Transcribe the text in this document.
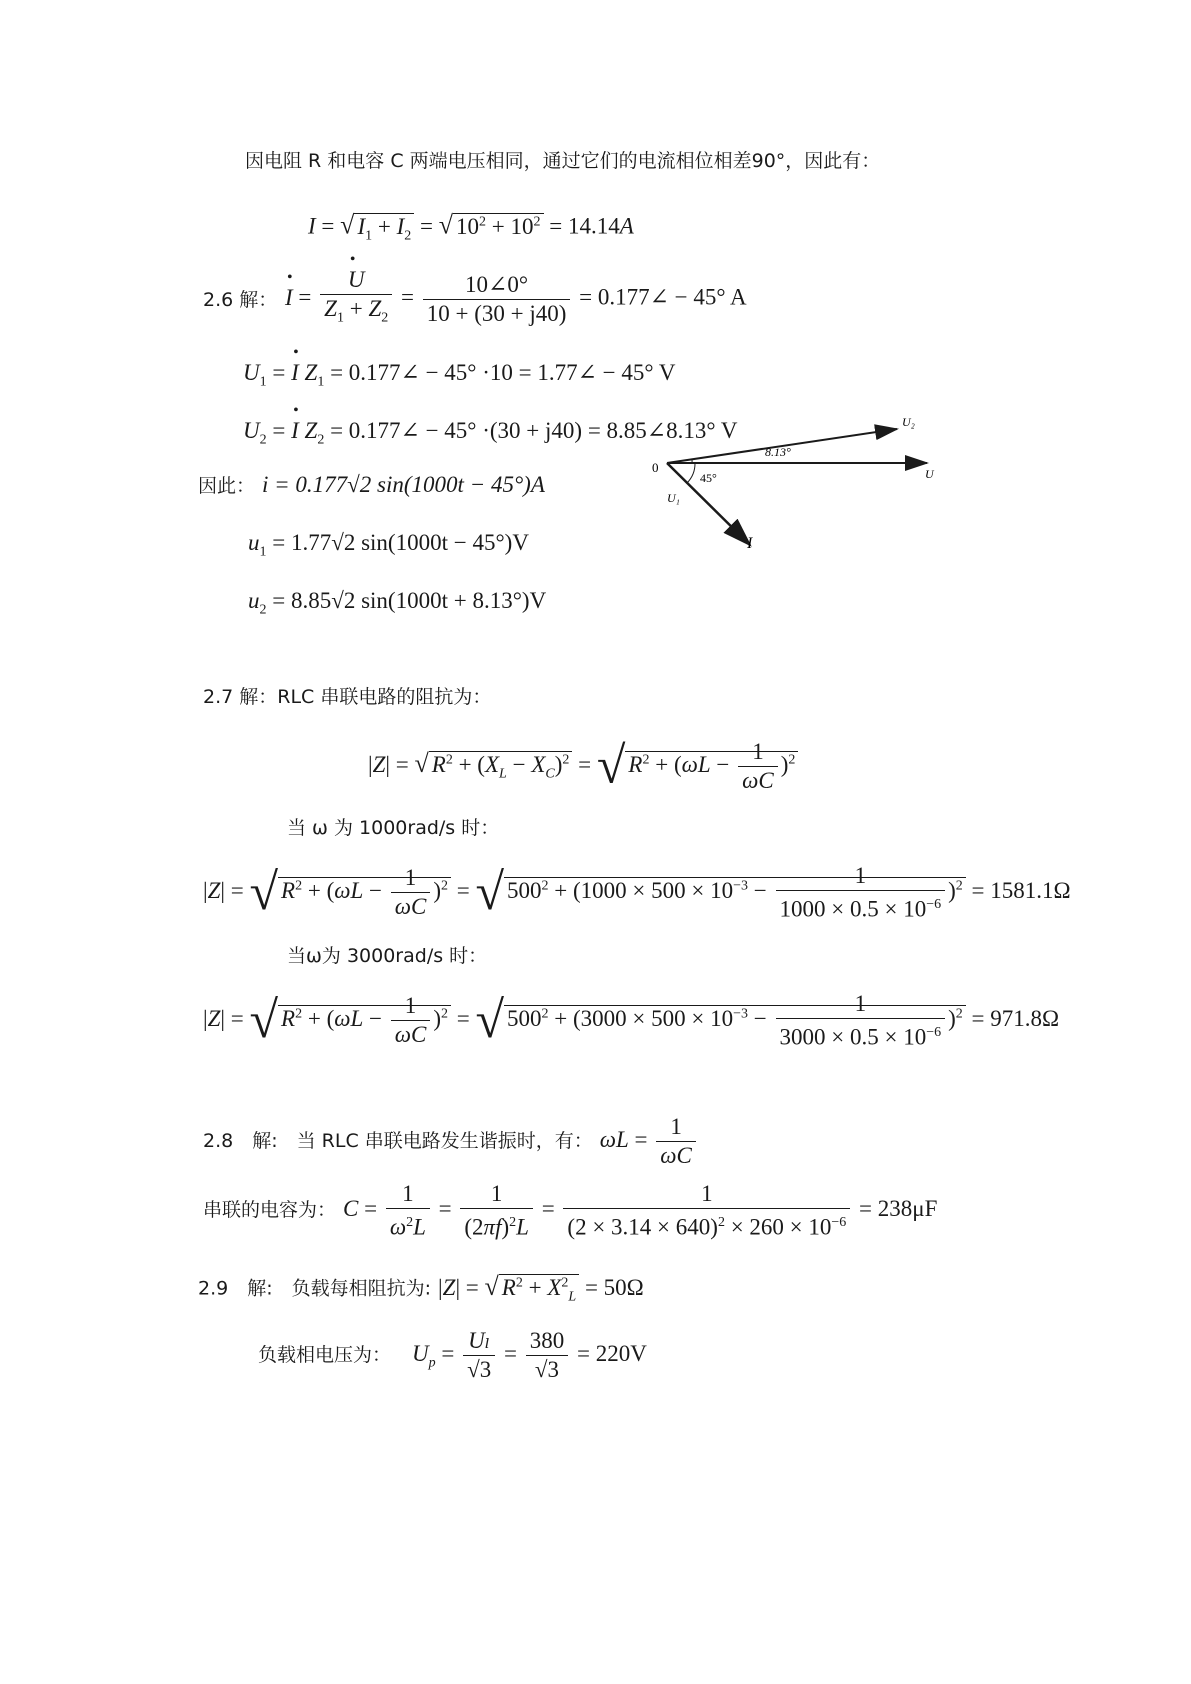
因电阻 R 和电容 C 两端电压相同，通过它们的电流相位相差90°，因此有：
I = √ $I_1 + I_2$ = √ $10^2 + 10^2 = 14.14A$
2.6 解： • I = • $\frac{U}{Z_1 + Z_2} = \frac{10\angle 0^\circ}{10 + (30 + j40)}$ = 0.177∠ − 45° A
$U_1$ = • I $Z_1$ = 0.177∠ − 45° ·10 = 1.77∠ − 45° V
$U_2$ = • I $Z_2$ = 0.177∠ − 45° ·(30 + j40) = 8.85∠8.13° V
因此： i = 0.177√2 sin(1000t − 45°)A
$u_1 = 1.77√2$ sin(1000t − 45°)V
$u_2 = 8.85√2$ sin(1000t + 8.13°)V
0
8.13°
45°
U₂
U
U₁
I
2.7 解：RLC 串联电路的阻抗为：
|Z| = √ $R^2 + (X_L - X_C)^2$ = √ $R^2 + (\omega L - \frac{1}{\omega C} )^2$
当 ω 为 1000rad/s 时：
|Z| = √ $R^2 + (\omega L - \frac{1}{\omega C} )^2$ = √ $500^2 + (1000 \times 500 \times 10^{-3} - \frac{1}{1000 \times 0.5 \times 10^{-6}} )^2 = 1581.1\Omega$
当ω为 3000rad/s 时：
|Z| = √ $R^2 + (\omega L - \frac{1}{\omega C} )^2$ = √ $500^2 + (3000 \times 500 \times 10^{-3} - \frac{1}{3000 \times 0.5 \times 10^{-6}} )^2 = 971.8\Omega$
2.8　解:　当 RLC 串联电路发生谐振时，有： $\omega L = \frac{1}{\omega C}$
串联的电容为： $C = \frac{1}{\omega^2L} = \frac{1}{(2\pi f)^2L} = \frac{1}{(2 \times 3.14 \times 640)^2 \times 260 \times 10^{-6}} = 238\mu F$
2.9　解:　负载每相阻抗为: |Z| = √ $R^2 + X^2_L = 50\Omega$
负载相电压为： $U_p = \frac{\text{Uₗ}}{√3} = \frac{380}{√3} = 220V$
